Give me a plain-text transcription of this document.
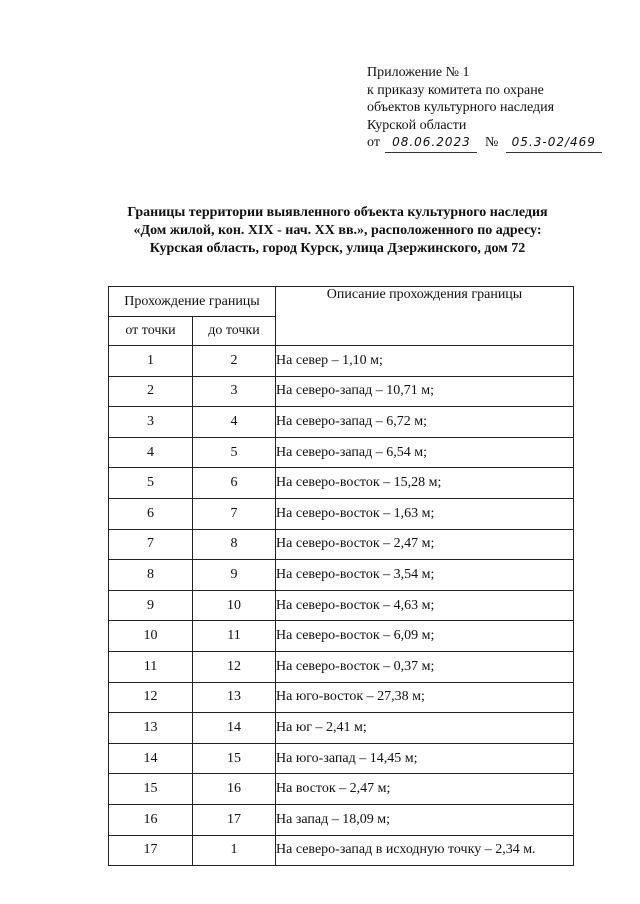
Приложение № 1
к приказу комитета по охране
объектов культурного наследия
Курской области
от 08.06.2023 № 05.3-02/469
Границы территории выявленного объекта культурного наследия
«Дом жилой, кон. XIX - нач. XX вв.», расположенного по адресу:
Курская область, город Курск, улица Дзержинского, дом 72
Прохождение границы		Описание прохождения границы
от точки	до точки	
1	2	На север – 1,10 м;
2	3	На северо-запад – 10,71 м;
3	4	На северо-запад – 6,72 м;
4	5	На северо-запад – 6,54 м;
5	6	На северо-восток – 15,28 м;
6	7	На северо-восток – 1,63 м;
7	8	На северо-восток – 2,47 м;
8	9	На северо-восток – 3,54 м;
9	10	На северо-восток – 4,63 м;
10	11	На северо-восток – 6,09 м;
11	12	На северо-восток – 0,37 м;
12	13	На юго-восток – 27,38 м;
13	14	На юг – 2,41 м;
14	15	На юго-запад – 14,45 м;
15	16	На восток – 2,47 м;
16	17	На запад – 18,09 м;
17	1	На северо-запад в исходную точку – 2,34 м.
